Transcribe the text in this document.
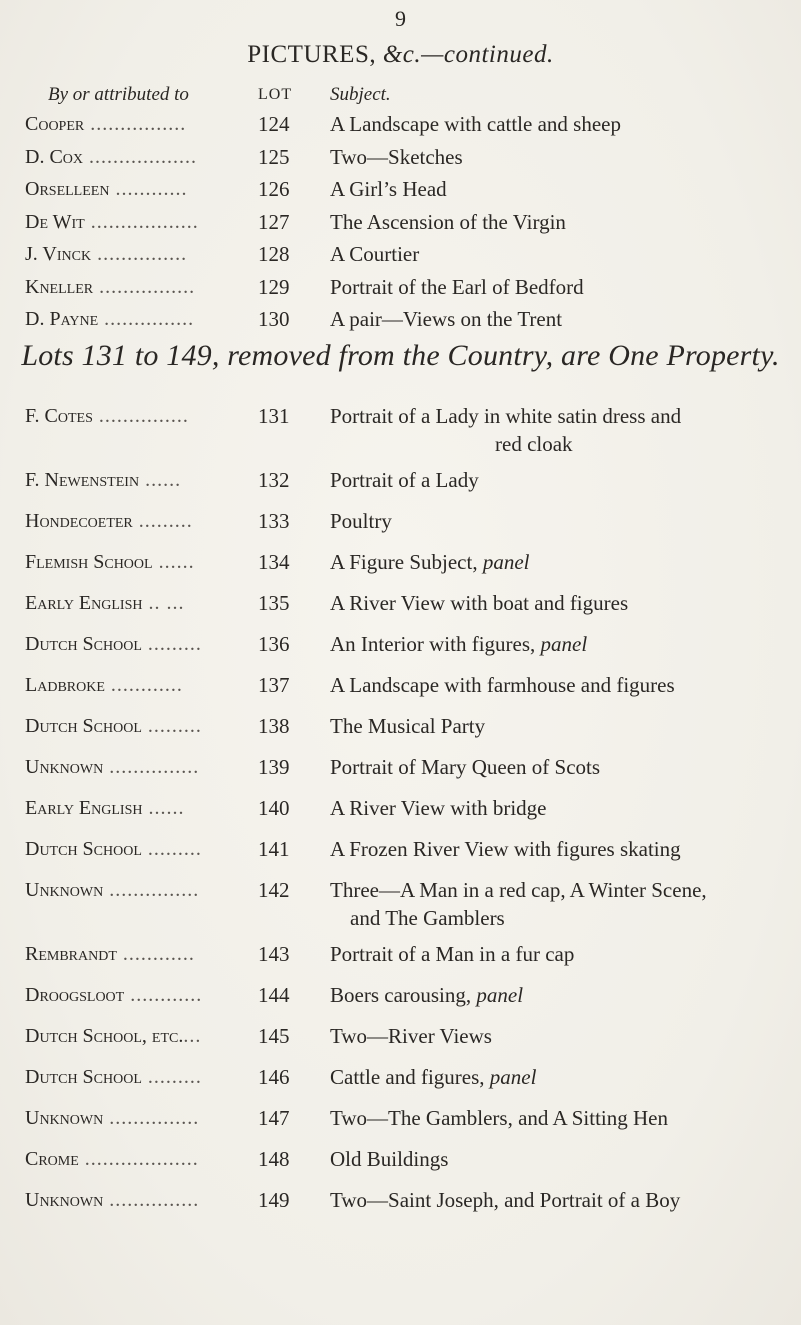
9
PICTURES, &c.—continued.
By or attributed to	LOT Subject.
Cooper ................	124	A Landscape with cattle and sheep
D. Cox ..................	125	Two—Sketches
Orselleen ............	126	A Girl’s Head
De Wit ..................	127	The Ascension of the Virgin
J. Vinck ...............	128	A Courtier
Kneller ................	129	Portrait of the Earl of Bedford
D. Payne ...............	130	A pair—Views on the Trent
Lots 131 to 149, removed from the Country, are One Property.
F. Cotes ...............	131	Portrait of a Lady in white satin dress and
red cloak
F. Newenstein ......	132	Portrait of a Lady
Hondecoeter .........	133	Poultry
Flemish School ......	134	A Figure Subject, panel
Early English .. ...	135	A River View with boat and figures
Dutch School .........	136	An Interior with figures, panel
Ladbroke ............	137	A Landscape with farmhouse and figures
Dutch School .........	138	The Musical Party
Unknown ...............	139	Portrait of Mary Queen of Scots
Early English ......	140	A River View with bridge
Dutch School .........	141	A Frozen River View with figures skating
Unknown ...............	142	Three—A Man in a red cap, A Winter Scene,
and The Gamblers
Rembrandt ............	143	Portrait of a Man in a fur cap
Droogsloot ............	144	Boers carousing, panel
Dutch School, etc....	145	Two—River Views
Dutch School .........	146	Cattle and figures, panel
Unknown ...............	147	Two—The Gamblers, and A Sitting Hen
Crome ...................	148	Old Buildings
Unknown ...............	149	Two—Saint Joseph, and Portrait of a Boy
